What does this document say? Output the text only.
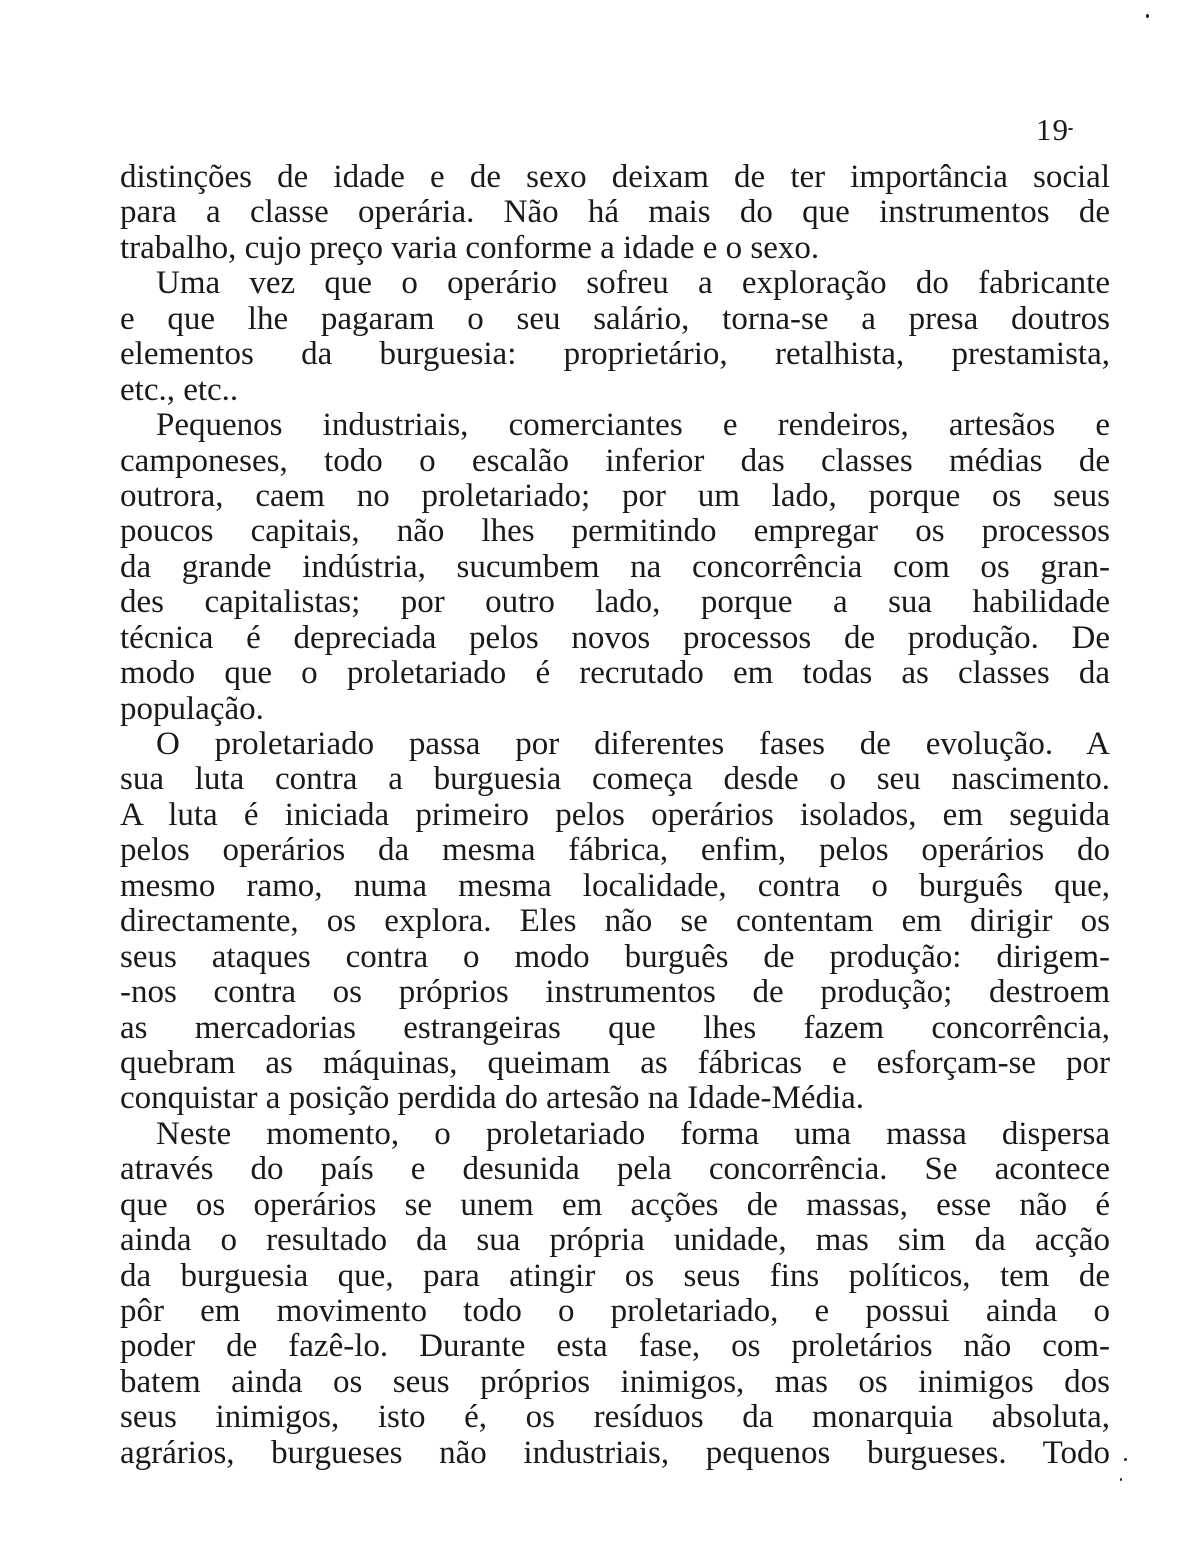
19
distinções de idade e de sexo deixam de ter importância social
para a classe operária. Não há mais do que instrumentos de
trabalho, cujo preço varia conforme a idade e o sexo.
Uma vez que o operário sofreu a exploração do fabricante
e que lhe pagaram o seu salário, torna-se a presa doutros
elementos da burguesia: proprietário, retalhista, prestamista,
etc., etc..
Pequenos industriais, comerciantes e rendeiros, artesãos e
camponeses, todo o escalão inferior das classes médias de
outrora, caem no proletariado; por um lado, porque os seus
poucos capitais, não lhes permitindo empregar os processos
da grande indústria, sucumbem na concorrência com os gran-
des capitalistas; por outro lado, porque a sua habilidade
técnica é depreciada pelos novos processos de produção. De
modo que o proletariado é recrutado em todas as classes da
população.
O proletariado passa por diferentes fases de evolução. A
sua luta contra a burguesia começa desde o seu nascimento.
A luta é iniciada primeiro pelos operários isolados, em seguida
pelos operários da mesma fábrica, enfim, pelos operários do
mesmo ramo, numa mesma localidade, contra o burguês que,
directamente, os explora. Eles não se contentam em dirigir os
seus ataques contra o modo burguês de produção: dirigem-
-nos contra os próprios instrumentos de produção; destroem
as mercadorias estrangeiras que lhes fazem concorrência,
quebram as máquinas, queimam as fábricas e esforçam-se por
conquistar a posição perdida do artesão na Idade-Média.
Neste momento, o proletariado forma uma massa dispersa
através do país e desunida pela concorrência. Se acontece
que os operários se unem em acções de massas, esse não é
ainda o resultado da sua própria unidade, mas sim da acção
da burguesia que, para atingir os seus fins políticos, tem de
pôr em movimento todo o proletariado, e possui ainda o
poder de fazê-lo. Durante esta fase, os proletários não com-
batem ainda os seus próprios inimigos, mas os inimigos dos
seus inimigos, isto é, os resíduos da monarquia absoluta,
agrários, burgueses não industriais, pequenos burgueses. Todo
